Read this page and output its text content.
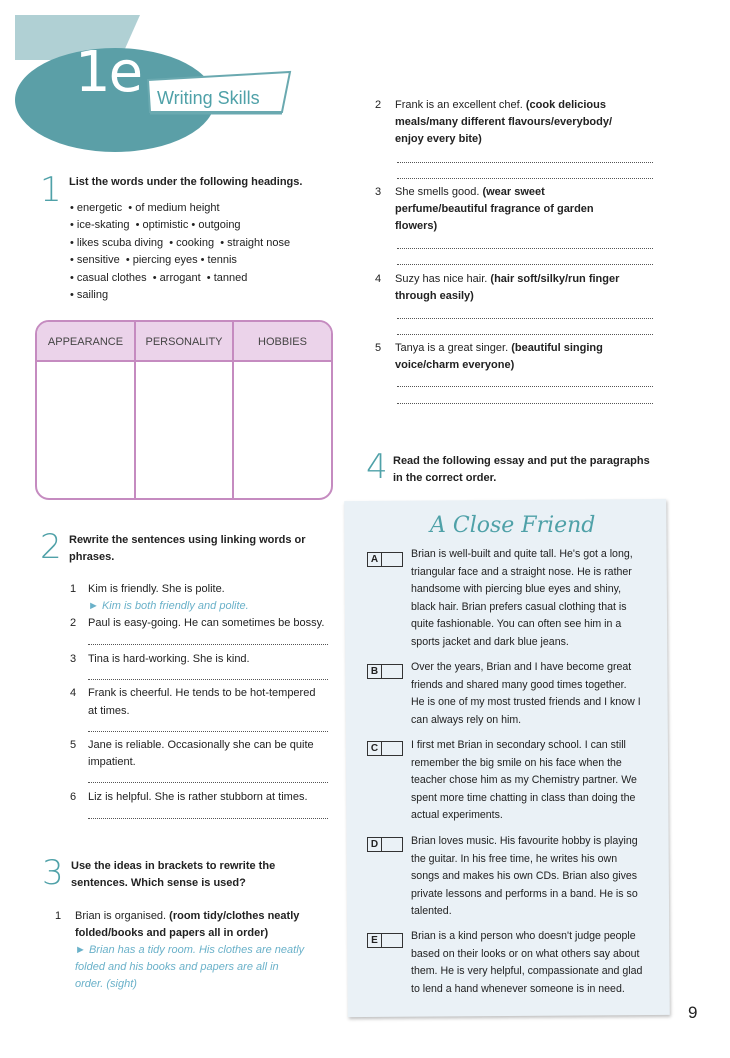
1e Writing Skills
1 List the words under the following headings.
• energetic  • of medium height
• ice-skating  • optimistic • outgoing
• likes scuba diving  • cooking  • straight nose
• sensitive  • piercing eyes • tennis
• casual clothes  • arrogant  • tanned
• sailing
APPEARANCE	PERSONALITY	HOBBIES
2 Rewrite the sentences using linking words or
phrases.
1 Kim is friendly. She is polite.
► Kim is both friendly and polite.
2 Paul is easy-going. He can sometimes be bossy.
3 Tina is hard-working. She is kind.
4 Frank is cheerful. He tends to be hot-tempered
at times.
5 Jane is reliable. Occasionally she can be quite
impatient.
6 Liz is helpful. She is rather stubborn at times.
3 Use the ideas in brackets to rewrite the
sentences. Which sense is used?
1 Brian is organised. (room tidy/clothes neatly
folded/books and papers all in order)
► Brian has a tidy room. His clothes are neatly
folded and his books and papers are all in
order. (sight)
2 Frank is an excellent chef. (cook delicious
meals/many different flavours/everybody/
enjoy every bite)
3 She smells good. (wear sweet
perfume/beautiful fragrance of garden
flowers)
4 Suzy has nice hair. (hair soft/silky/run finger
through easily)
5 Tanya is a great singer. (beautiful singing
voice/charm everyone)
4 Read the following essay and put the paragraphs
in the correct order.
A Close Friend
A	Brian is well-built and quite tall. He's got a long,
triangular face and a straight nose. He is rather
handsome with piercing blue eyes and shiny,
black hair. Brian prefers casual clothing that is
quite fashionable. You can often see him in a
sports jacket and dark blue jeans.
B	Over the years, Brian and I have become great
friends and shared many good times together.
He is one of my most trusted friends and I know I
can always rely on him.
C	I first met Brian in secondary school. I can still
remember the big smile on his face when the
teacher chose him as my Chemistry partner. We
spent more time chatting in class than doing the
actual experiments.
D	Brian loves music. His favourite hobby is playing
the guitar. In his free time, he writes his own
songs and makes his own CDs. Brian also gives
private lessons and performs in a band. He is so
talented.
E	Brian is a kind person who doesn't judge people
based on their looks or on what others say about
them. He is very helpful, compassionate and glad
to lend a hand whenever someone is in need.
9
